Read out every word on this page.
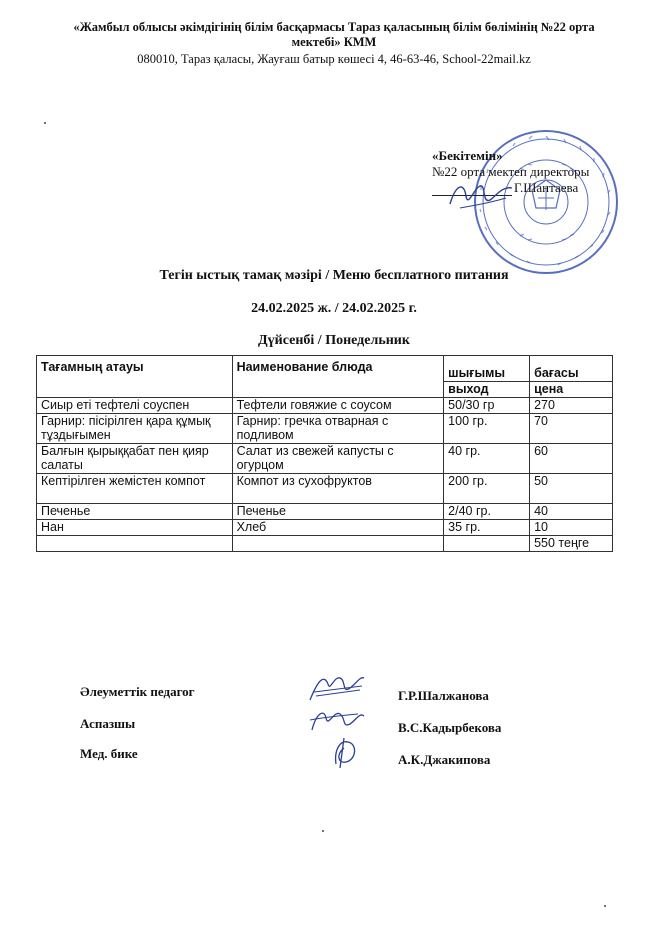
«Жамбыл облысы әкімдігінің білім басқармасы Тараз қаласының білім бөлімінің №22 орта
мектебі» КММ
080010, Тараз қаласы, Жауғаш батыр көшесі 4, 46-63-46, School-22mail.kz
«Бекітемін»
№22 орта мектеп директоры
Г.Шантаева
Тегін ыстық тамақ мәзірі / Меню бесплатного питания
24.02.2025 ж. / 24.02.2025 г.
Дүйсенбі / Понедельник
Тағамның атауы	Наименование блюда	шығымы	бағасы
		выход	цена
Сиыр еті тефтелі соуспен	Тефтели говяжие с соусом	50/30 гр	270
Гарнир: пісірілген қара құмық тұздығымен	Гарнир: гречка отварная с подливом	100 гр.	70
Балғын қырыққабат пен қияр салаты	Салат из свежей капусты с огурцом	40 гр.	60
Кептірілген жемістен компот	Компот из сухофруктов	200 гр.	50
Печенье	Печенье	2/40 гр.	40
Нан	Хлеб	35 гр.	10
			550 теңге
Әлеуметтік педагог
Аспазшы
Мед. бике
Г.Р.Шалжанова
В.С.Кадырбекова
А.К.Джакипова
